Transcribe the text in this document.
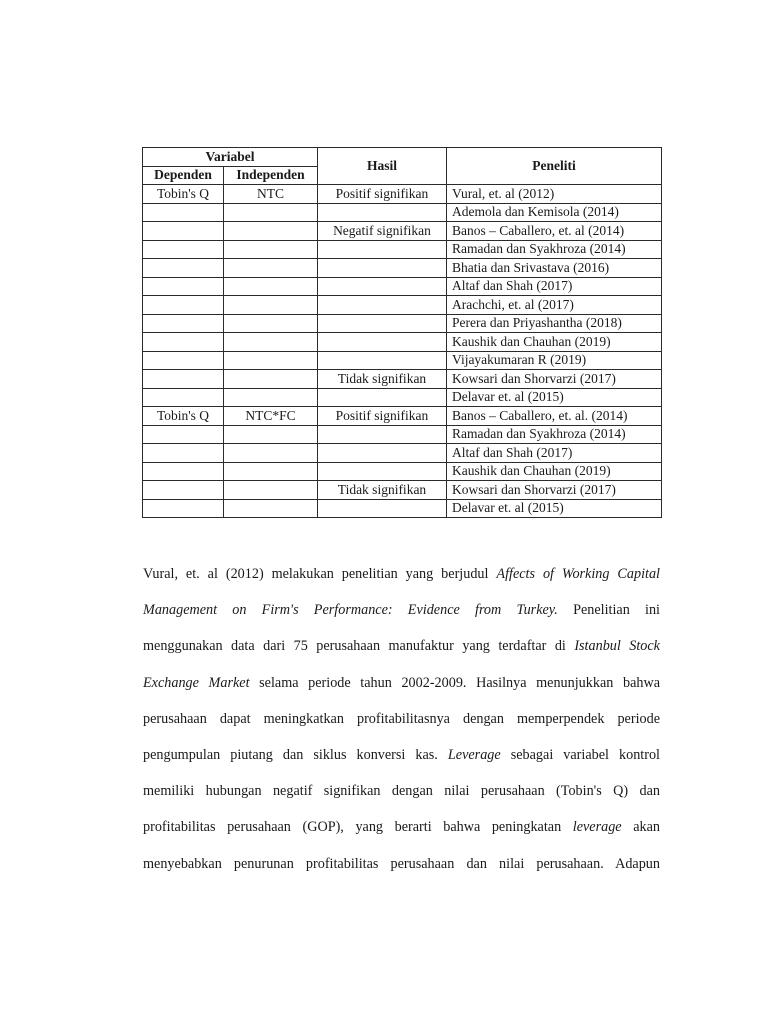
Variabel		Hasil	Peneliti
Dependen	Independen		
Tobin's Q	NTC	Positif signifikan	Vural, et. al (2012)
			Ademola dan Kemisola (2014)
		Negatif signifikan	Banos – Caballero, et. al (2014)
			Ramadan dan Syakhroza (2014)
			Bhatia dan Srivastava (2016)
			Altaf dan Shah (2017)
			Arachchi, et. al (2017)
			Perera dan Priyashantha (2018)
			Kaushik dan Chauhan (2019)
			Vijayakumaran R (2019)
		Tidak signifikan	Kowsari dan Shorvarzi (2017)
			Delavar et. al (2015)
Tobin's Q	NTC*FC	Positif signifikan	Banos – Caballero, et. al. (2014)
			Ramadan dan Syakhroza (2014)
			Altaf dan Shah (2017)
			Kaushik dan Chauhan (2019)
		Tidak signifikan	Kowsari dan Shorvarzi (2017)
			Delavar et. al (2015)
Vural, et. al (2012) melakukan penelitian yang berjudul Affects of Working Capital
Management on Firm's Performance: Evidence from Turkey. Penelitian ini
menggunakan data dari 75 perusahaan manufaktur yang terdaftar di Istanbul Stock
Exchange Market selama periode tahun 2002-2009. Hasilnya menunjukkan bahwa
perusahaan dapat meningkatkan profitabilitasnya dengan memperpendek periode
pengumpulan piutang dan siklus konversi kas. Leverage sebagai variabel kontrol
memiliki hubungan negatif signifikan dengan nilai perusahaan (Tobin's Q) dan
profitabilitas perusahaan (GOP), yang berarti bahwa peningkatan leverage akan
menyebabkan penurunan profitabilitas perusahaan dan nilai perusahaan. Adapun
